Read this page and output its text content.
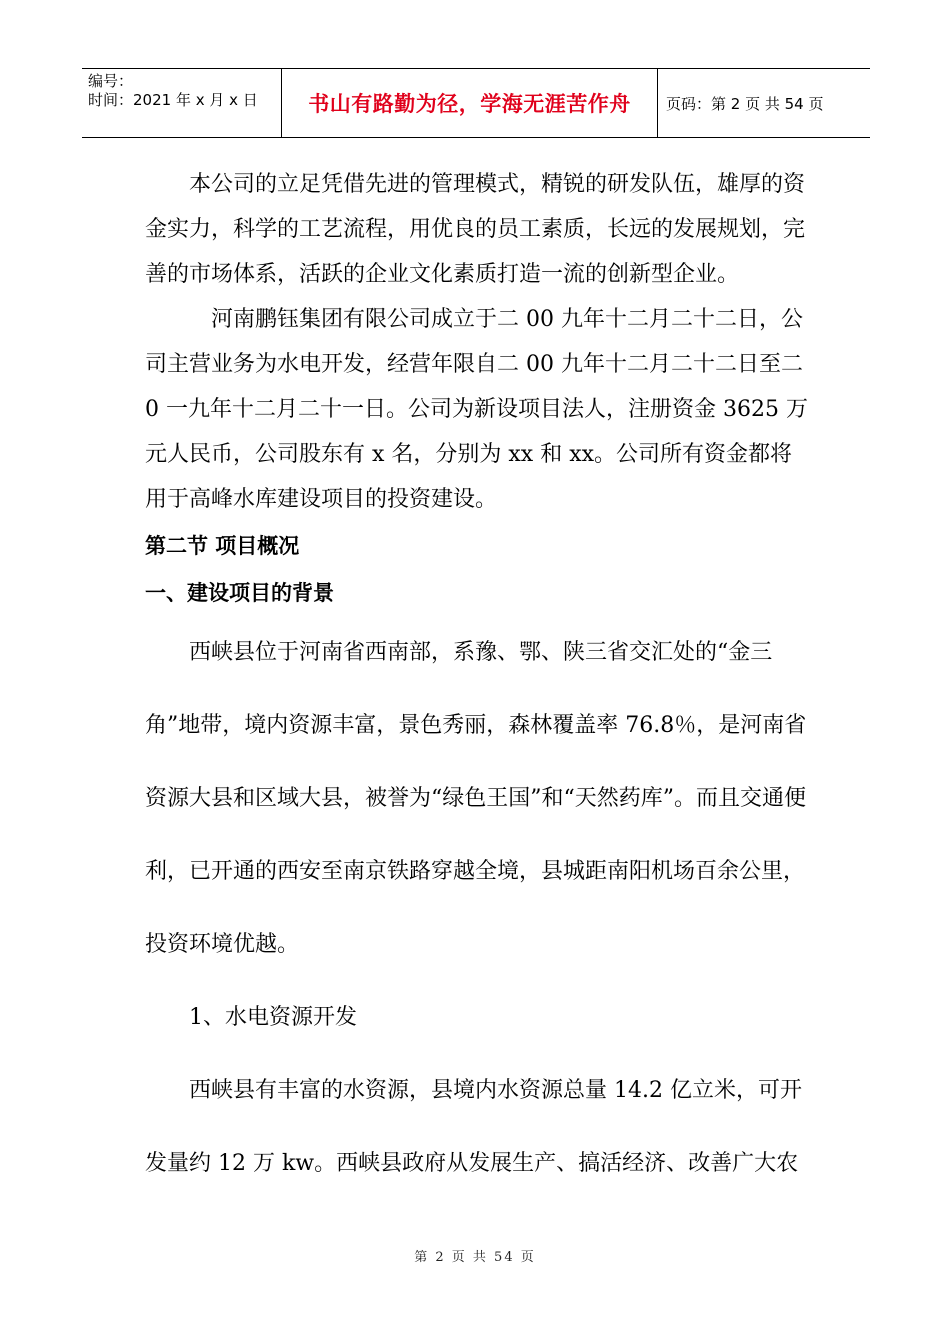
编号：
时间：2021 年 x 月 x 日	书山有路勤为径，学海无涯苦作舟 页码：第 2 页 共 54 页

本公司的立足凭借先进的管理模式，精锐的研发队伍，雄厚的资金实力，科学的工艺流程，用优良的员工素质，长远的发展规划，完善的市场体系，活跃的企业文化素质打造一流的创新型企业。

河南鹏钰集团有限公司成立于二 00 九年十二月二十二日，公司主营业务为水电开发，经营年限自二 00 九年十二月二十二日至二0 一九年十二月二十一日。公司为新设项目法人，注册资金 3625 万元人民币，公司股东有 x 名，分别为 xx 和 xx。公司所有资金都将用于高峰水库建设项目的投资建设。

第二节 项目概况

一、建设项目的背景

西峡县位于河南省西南部，系豫、鄂、陕三省交汇处的“金三角”地带，境内资源丰富，景色秀丽，森林覆盖率 76.8％，是河南省资源大县和区域大县，被誉为“绿色王国”和“天然药库”。而且交通便利，已开通的西安至南京铁路穿越全境，县城距南阳机场百余公里，投资环境优越。

1、水电资源开发

西峡县有丰富的水资源，县境内水资源总量 14.2 亿立米，可开发量约 12 万 kw。西峡县政府从发展生产、搞活经济、改善广大农

第 2 页 共 54 页
